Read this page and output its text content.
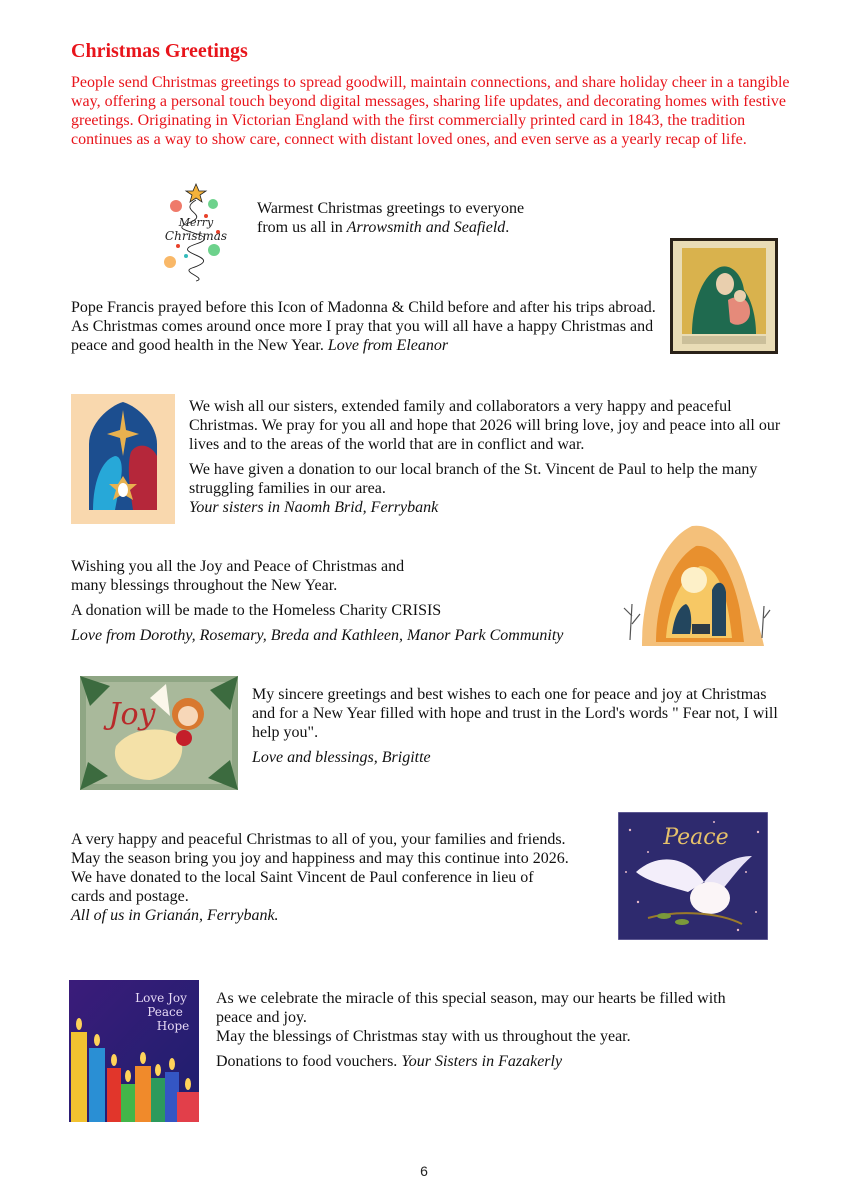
Christmas Greetings
People send Christmas greetings to spread goodwill, maintain connections, and share holiday cheer in a tangible way, offering a personal touch beyond digital messages, sharing life updates, and decorating homes with festive greetings. Originating in Victorian England with the first commercially printed card in 1843, the tradition continues as a way to show care, connect with distant loved ones, and even serve as a yearly recap of life.
Merry
Christmas

Warmest Christmas greetings to everyone

from us all in Arrowsmith and Seafield.

Pope Francis prayed before this Icon of Madonna & Child before and after his trips abroad. As Christmas comes around once more I pray that you will all have a happy Christmas and peace and good health in the New Year. Love from Eleanor

We wish all our sisters, extended family and collaborators a very happy and peaceful Christmas. We pray for you all and hope that 2026 will bring love, joy and peace into all our lives and to the areas of the world that are in conflict and war.

We have given a donation to our local branch of the St. Vincent de Paul to help the many struggling families in our area.

Your sisters in Naomh Brid, Ferrybank

Wishing you all the Joy and Peace of Christmas and

many blessings throughout the New Year.

A donation will be made to the Homeless Charity CRISIS

Love from Dorothy, Rosemary, Breda and Kathleen, Manor Park Community

Joy

My sincere greetings and best wishes to each one for peace and joy at Christmas and for a New Year filled with hope and trust in the Lord's words " Fear not, I will help you".

Love and blessings, Brigitte

Peace

A very happy and peaceful Christmas to all of you, your families and friends.

May the season bring you joy and happiness and may this continue into 2026.

We have donated to the local Saint Vincent de Paul conference in lieu of

cards and postage.

All of us in Grianán, Ferrybank.

Love Joy
Peace
Hope

As we celebrate the miracle of this special season, may our hearts be filled with

peace and joy.

May the blessings of Christmas stay with us throughout the year.

Donations to food vouchers. Your Sisters in Fazakerly

6
